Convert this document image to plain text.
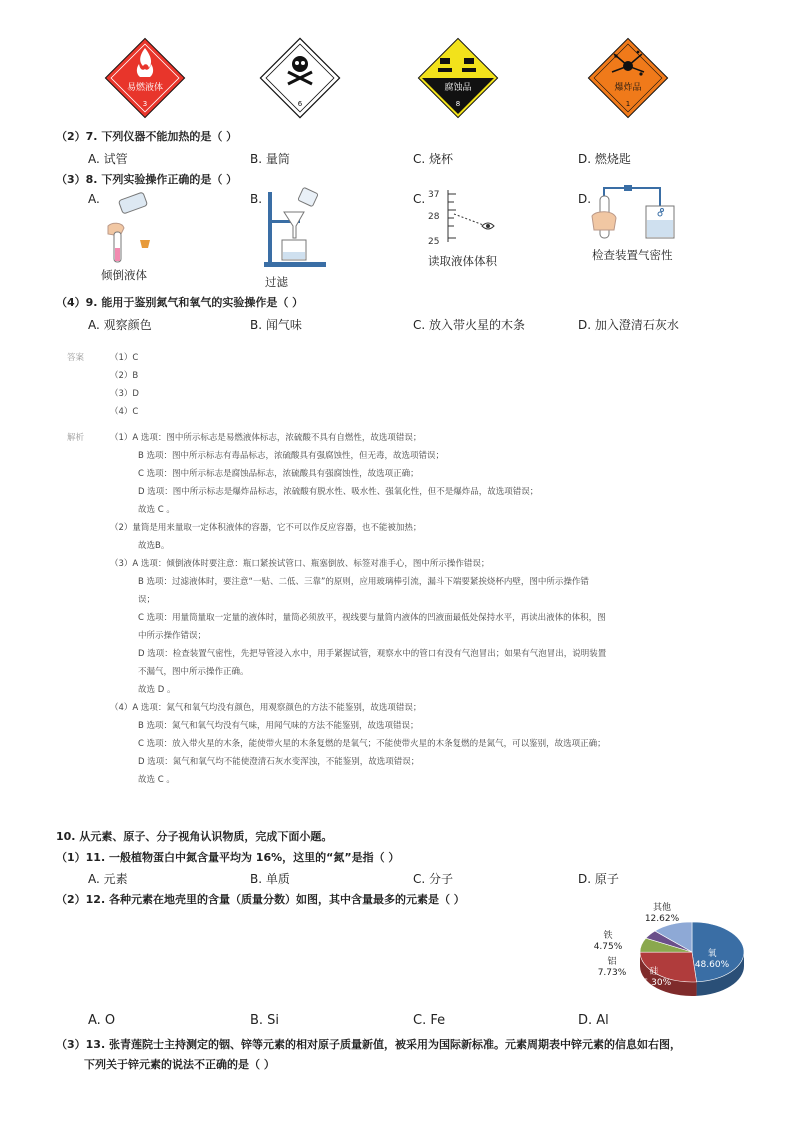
易燃液体
3	6
腐蚀品
8
爆炸品
1
（2）7. 下列仪器不能加热的是（ ）
A. 试管	B. 量筒	C. 烧杯	D. 燃烧匙
（3）8. 下列实验操作正确的是（ ）
A.	B.	C.	D.
倾倒液体	过滤
37
28
25
读取液体体积	检查装置气密性
（4）9. 能用于鉴别氮气和氧气的实验操作是（ ）
A. 观察颜色	B. 闻气味	C. 放入带火星的木条	D. 加入澄清石灰水
答案	（1）C
（2）B
（3）D
（4）C
解析	（1）A 选项：图中所示标志是易燃液体标志，浓硫酸不具有自燃性，故选项错误；
B 选项：图中所示标志有毒品标志，浓硫酸具有强腐蚀性，但无毒，故选项错误；
C 选项：图中所示标志是腐蚀品标志，浓硫酸具有强腐蚀性，故选项正确；
D 选项：图中所示标志是爆炸品标志，浓硫酸有脱水性、吸水性、强氧化性，但不是爆炸品，故选项错误；
故选 C 。
（2）量筒是用来量取一定体积液体的容器，它不可以作反应容器，也不能被加热；
故选B。
（3）A 选项：倾倒液体时要注意：瓶口紧挨试管口、瓶塞倒放、标签对准手心，图中所示操作错误；
B 选项：过滤液体时，要注意“一贴、二低、三靠”的原则，应用玻璃棒引流，漏斗下端要紧挨烧杯内壁，图中所示操作错
误；
C 选项：用量筒量取一定量的液体时，量筒必须放平，视线要与量筒内液体的凹液面最低处保持水平，再读出液体的体积，图
中所示操作错误；
D 选项：检查装置气密性，先把导管浸入水中，用手紧握试管，观察水中的管口有没有气泡冒出；如果有气泡冒出，说明装置
不漏气，图中所示操作正确。
故选 D 。
（4）A 选项：氮气和氧气均没有颜色，用观察颜色的方法不能鉴别，故选项错误；
B 选项：氮气和氧气均没有气味，用闻气味的方法不能鉴别，故选项错误；
C 选项：放入带火星的木条，能使带火星的木条复燃的是氧气；不能使带火星的木条复燃的是氮气，可以鉴别，故选项正确；
D 选项：氮气和氧气均不能使澄清石灰水变浑浊，不能鉴别，故选项错误；
故选 C 。
10. 从元素、原子、分子视角认识物质，完成下面小题。
（1）11. 一般植物蛋白中氮含量平均为 16%，这里的“氮”是指（ ）
A. 元素	B. 单质	C. 分子	D. 原子
（2）12. 各种元素在地壳里的含量（质量分数）如图，其中含量最多的元素是（ ）
氧
48.60%
硅
26.30%
铝
7.73%
铁
4.75%
其他
12.62%
A. O	B. Si	C. Fe	D. Al
（3）13. 张青莲院士主持测定的铟、锌等元素的相对原子质量新值，被采用为国际新标准。元素周期表中锌元素的信息如右图，
下列关于锌元素的说法不正确的是（ ）
